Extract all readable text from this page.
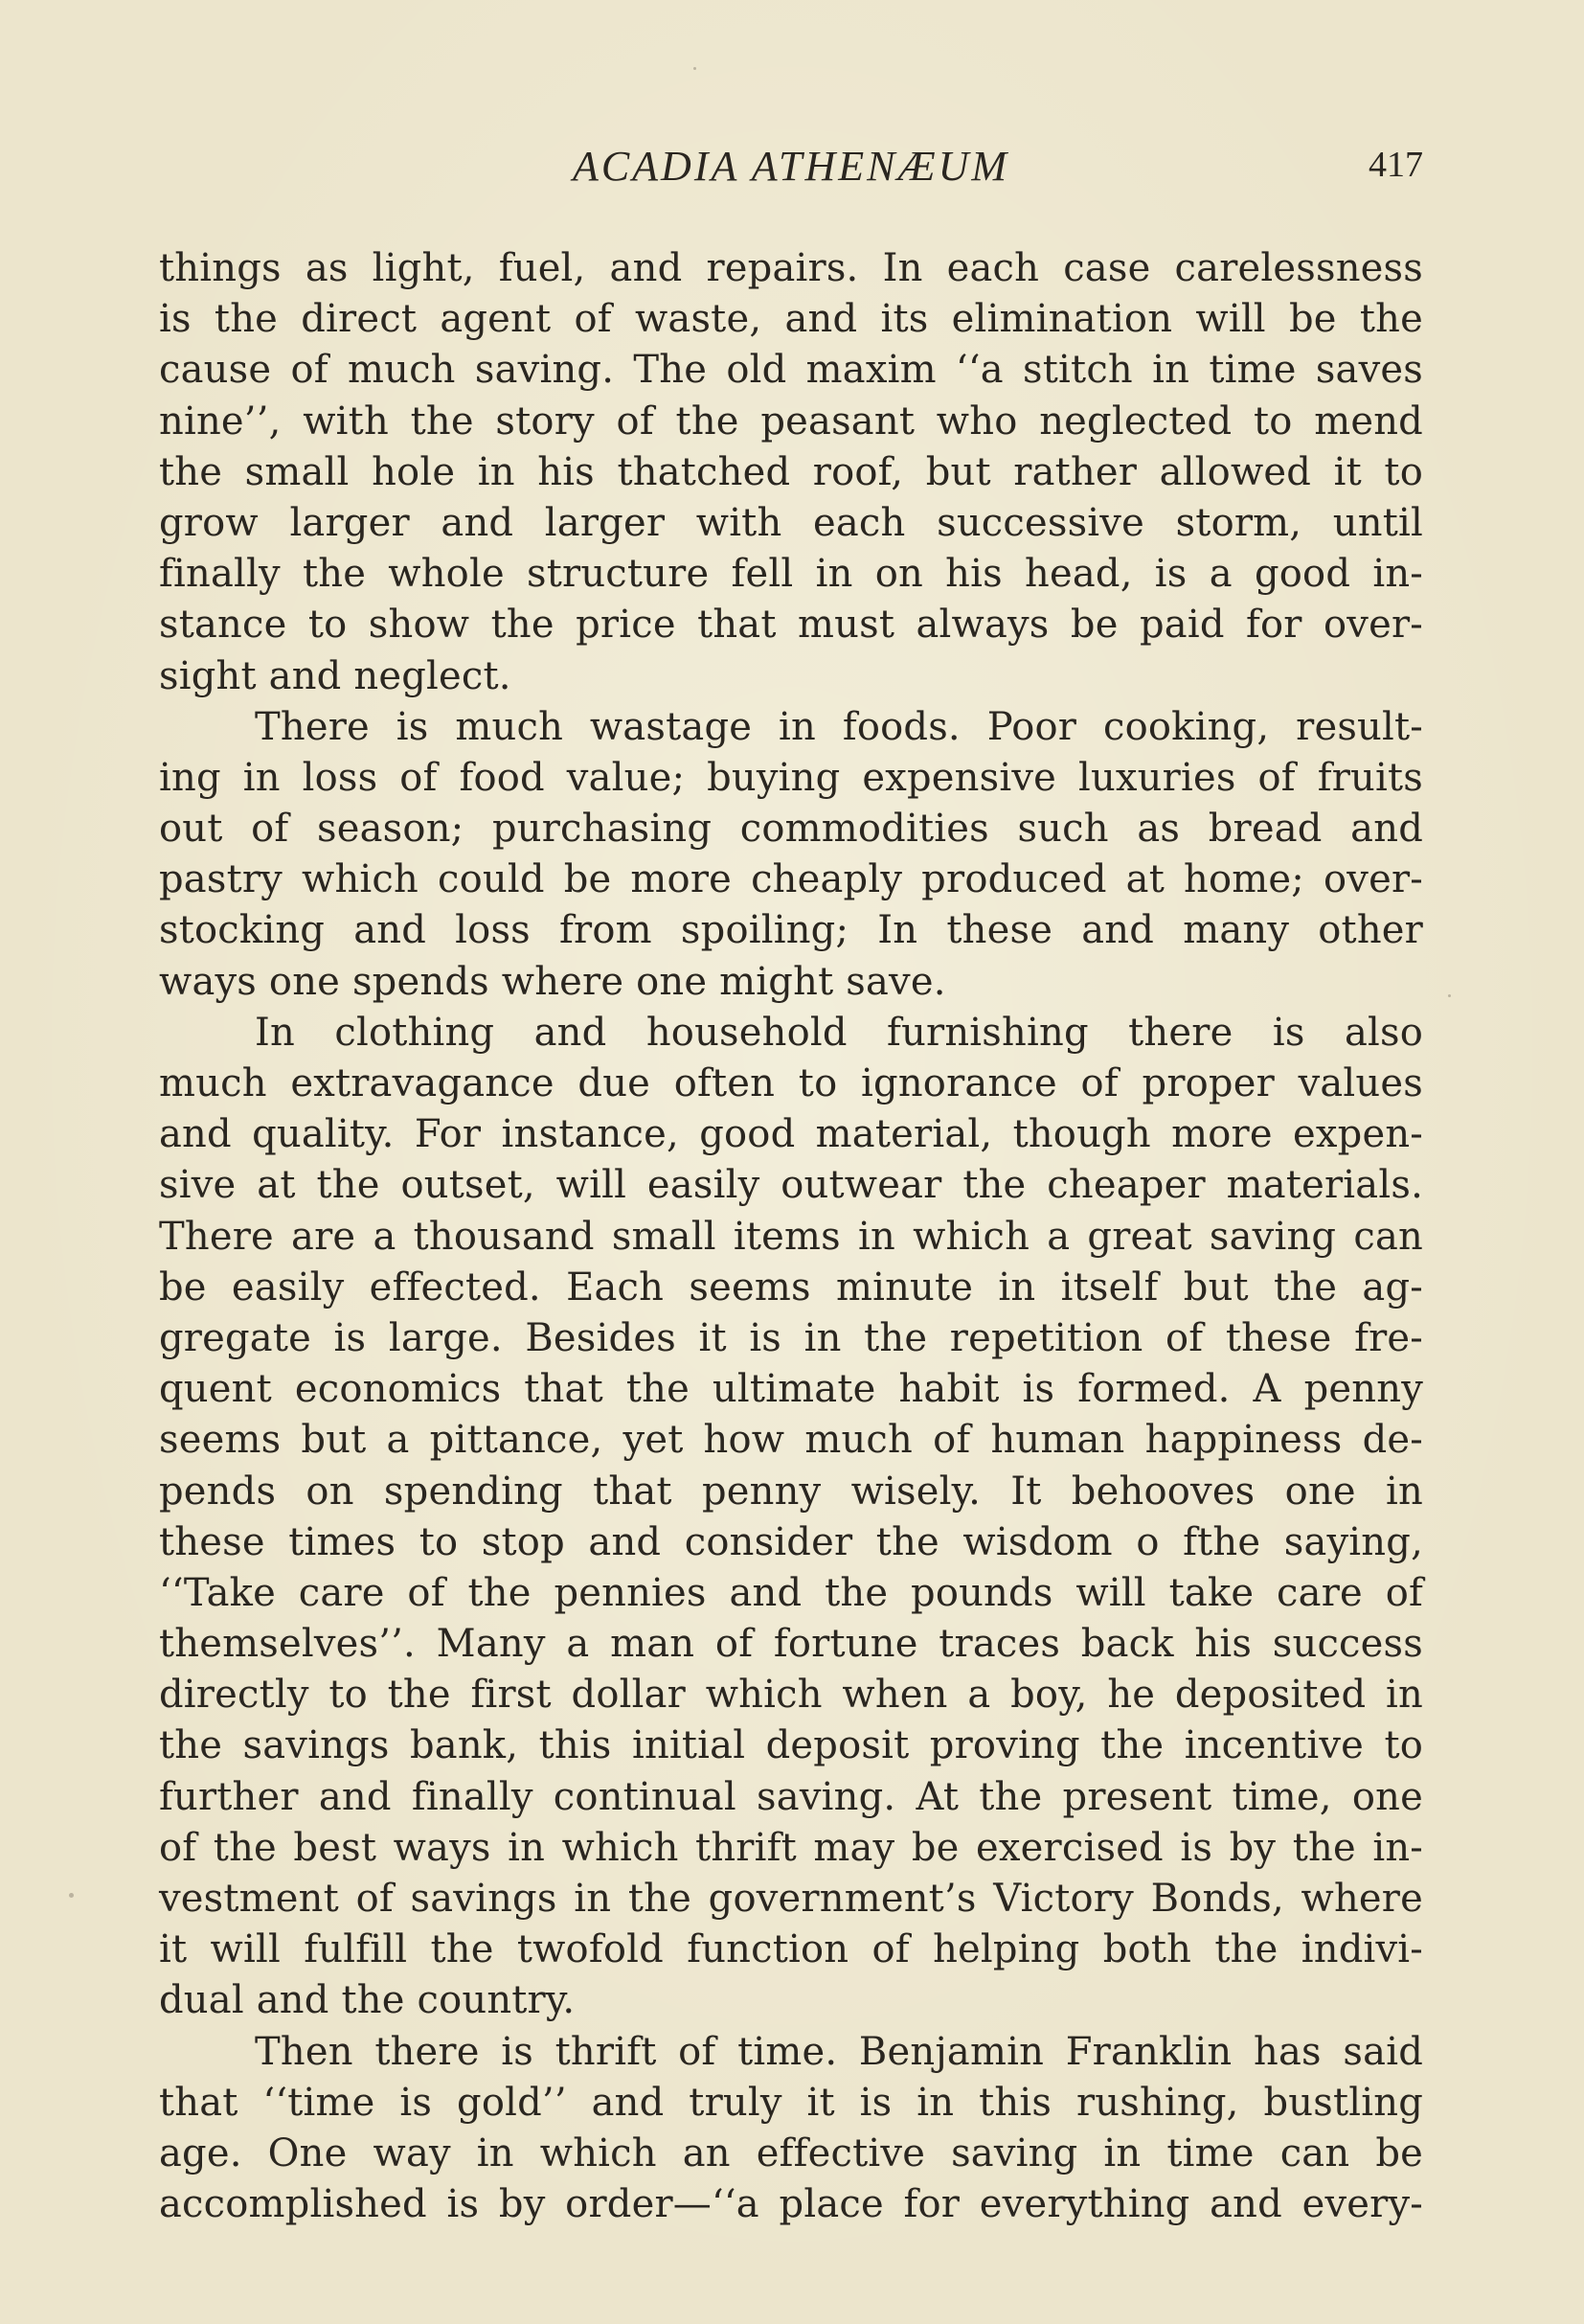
ACADIA ATHENÆUM	417
things as light, fuel, and repairs. In each case carelessness
is the direct agent of waste, and its elimination will be the
cause of much saving. The old maxim ‘‘a stitch in time saves
nine’’, with the story of the peasant who neglected to mend
the small hole in his thatched roof, but rather allowed it to
grow larger and larger with each successive storm, until
finally the whole structure fell in on his head, is a good in-
stance to show the price that must always be paid for over-
sight and neglect.
There is much wastage in foods. Poor cooking, result-
ing in loss of food value; buying expensive luxuries of fruits
out of season; purchasing commodities such as bread and
pastry which could be more cheaply produced at home; over-
stocking and loss from spoiling; In these and many other
ways one spends where one might save.
In clothing and household furnishing there is also
much extravagance due often to ignorance of proper values
and quality. For instance, good material, though more expen-
sive at the outset, will easily outwear the cheaper materials.
There are a thousand small items in which a great saving can
be easily effected. Each seems minute in itself but the ag-
gregate is large. Besides it is in the repetition of these fre-
quent economics that the ultimate habit is formed. A penny
seems but a pittance, yet how much of human happiness de-
pends on spending that penny wisely. It behooves one in
these times to stop and consider the wisdom o fthe saying,
‘‘Take care of the pennies and the pounds will take care of
themselves’’. Many a man of fortune traces back his success
directly to the first dollar which when a boy, he deposited in
the savings bank, this initial deposit proving the incentive to
further and finally continual saving. At the present time, one
of the best ways in which thrift may be exercised is by the in-
vestment of savings in the government’s Victory Bonds, where
it will fulfill the twofold function of helping both the indivi-
dual and the country.
Then there is thrift of time. Benjamin Franklin has said
that ‘‘time is gold’’ and truly it is in this rushing, bustling
age. One way in which an effective saving in time can be
accomplished is by order—‘‘a place for everything and every-
